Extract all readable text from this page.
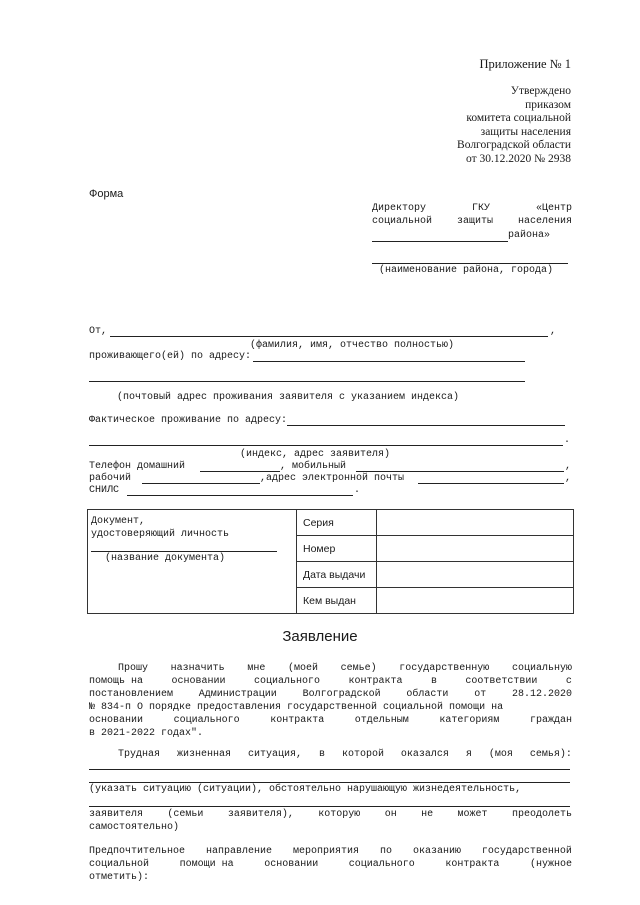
Приложение № 1
Утверждено
приказом
комитета социальной
защиты населения
Волгоградской области
от 30.12.2020 № 2938
Форма
Директору	ГКУ	«Центр
социальной защиты населения
района»
(наименование района, города)
От,	,
(фамилия, имя, отчество полностью)
проживающего(ей) по адресу:
(почтовый адрес проживания заявителя с указанием индекса)
Фактическое проживание по адресу:
.
(индекс, адрес заявителя)
Телефон домашний	, мобильный	,
рабочий	,адрес электронной почты	,
СНИЛС	.
Документ,
удостоверяющий личность
(название документа)	Серия	
	Номер	
	Дата выдачи	
	Кем выдан	
Заявление
Прошу назначить мне (моей семье) государственную социальную
помощь на	основании	социального	контракта	в	соответствии	с
постановлением	Администрации	Волгоградской	области	от	28.12.2020
№ 834-п О порядке предоставления государственной социальной помощи на
основании	социального	контракта	отдельным	категориям	граждан
в 2021-2022 годах".
Трудная жизненная ситуация, в которой оказался я (моя семья):
(указать ситуацию (ситуации), обстоятельно нарушающую жизнедеятельность,
заявителя (семьи заявителя), которую он не может преодолеть
самостоятельно)
Предпочтительное направление мероприятия по оказанию государственной
социальной	помощи на	основании	социального	контракта	(нужное
отметить):
